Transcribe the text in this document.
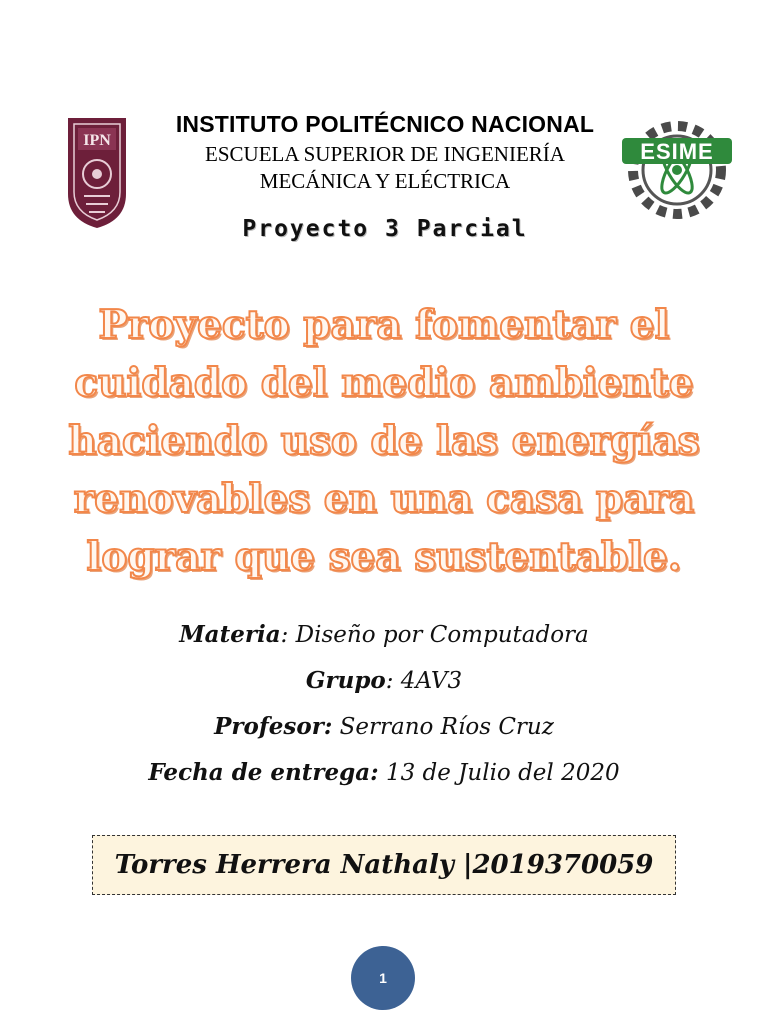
IPN	ESIME
INSTITUTO POLITÉCNICO NACIONAL
ESCUELA SUPERIOR DE INGENIERÍA
MECÁNICA Y ELÉCTRICA
Proyecto 3 Parcial
Proyecto para fomentar el
cuidado del medio ambiente
haciendo uso de las energías
renovables en una casa para
lograr que sea sustentable.
Materia: Diseño por Computadora
Grupo: 4AV3
Profesor: Serrano Ríos Cruz
Fecha de entrega: 13 de Julio del 2020
Torres Herrera Nathaly |2019370059
1
